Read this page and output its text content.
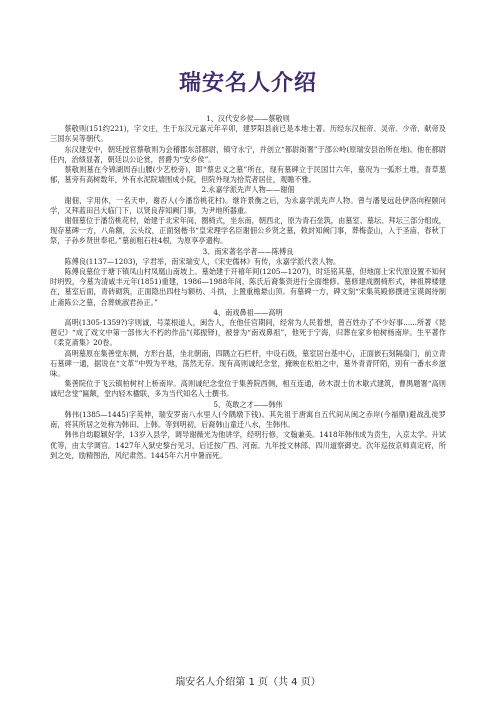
瑞安名人介绍

1、汉代安乡侯——蔡敬则

蔡敬则(151约221)，字文庄，生于东汉元嘉元年辛卯，建罗阳县前已是本地士著。历经东汉桓帝、灵帝、少帝、献帝及三国东吴等朝代。

东汉建安中，朝廷授官蔡敬则为会稽郡东部都尉，镇守永宁，并创立“都尉衙署”于邵公岭(原瑞安县治所在地)。他在都尉任内，治绩显著，朝廷以公论赏，晋爵为“安乡侯”。

蔡敬则墓在今锦湖周吞山腰(少艺校旁)，即“蔡忠义之墓”所在，现有墓碑立于民国廿六年，墓况为一弧形土堆，青草葱郁，墓旁有高树数年，外有水泥院墙围成小院，但院外现为拾荒者居住，观瞻不雅。

2.永嘉学派先声人物——谢佃

谢佃，字用休，一名天申，谢否人(今潘岱桃花村)。继许景衡之后，为永嘉学派先声人物。曾与潘旻远赴伊洛向程颐问学，又拜蓝田吕大临门下，以贤良荐知阙门事，为尹地所器重。

谢佃墓位于潘岱桃花村，始建于北宋年间，圈椅式，坐东南，朝西北，原为青石垒筑，由墓室、墓坛、拜坛三部分组成，现存墓碑一方，八角额，云头纹，正面刻楷书“皇宋理学名臣谢佃公乡贤之墓，敕封知阙门事，葬梅壶山，入于圣庙，春秋丁祭，子孙乡贤世奉祀。”墓前粗石柱4根，为原享亭遗构。

3、南宋著名学者——陈傅良

陈傅良(1137—1203)，字君举，南宋瑞安人，《宋史儒林》有传，永嘉学派代表人物。

陈傅良墓位于塘下镇凤山村凤凰山南坡上。墓始建于开禧年间(1205—1207)，时廷铭其墓，但地面上宋代原设置不知何时坍毁，今墓为清咸丰元年(1851)重建，1986—1988年间，陈氏后裔集资进行全面维修。墓修建成圈椅形式，神祖牌楼建在，墓室后面，青砖砌筑，正面隐出四柱与额枋、斗拱，上置重檐悬山顶。有墓碑一方，碑文刻“宋集英殿修撰进宝谟阁待制止斋陈公之墓，合葬姚淑君孙正。”

4、南戏鼻祖——高明

高明(1305-1359?)字则诚，号菜根道人，闽告人，在他任官期间，经常为人民着想，曾百姓办了不少好事......所著《琵琶记》“成了戏文中第一部伟大不朽的作品”(郑振铎)，被誉为“南戏鼻祖”，他死于宁海，归葬在家乡柏树杨南岸。生平著作《柔克斋集》20卷。

高明墓原在集善堂东侧，方形台基，坐北朝南，四隅立石栏杆，中设石级，墓室居台基中心，正面嵌石刻隔扇门，前立青石墓碑一通，据说在“文革”中毁为平地，荡然无存。现有高则诚纪念堂，掩映在松柏之中，墓外青青阡陌，别有一番水乡滋味。

集善院位于飞云镇柏树村上桥南岸。高则诚纪念堂位于集善院西侧，相互连通，砖木混土仿木歇式建筑，曹禺题署“高则诚纪念堂”匾额，堂内轻木楹联，多为当代知名人士撰书。

5、英敢之才——韩伟

韩伟(1385—1445)字英伸，瑞安罗南八水里人(今隅墩下钱)。其先祖于唐寓自五代间从闽之赤岸(今福鼎)避战乱徙罗南，将其所居之处称为韩田、上韩。等到明初，后裔韩山童迁八水，生韩伟。

韩伟自幼聪颖好学，13岁入县学，调导谢薇光为他讲学，经明行修，文翰兼美。1418年韩伟成为贡生，入京太学。升试优等，由太学调官。1427年入狱史黎台见习，后迁按广西、河南。九年授文林郎、四川道察御史。次年巡按京师真定府，所到之处，励精图治，风纪肃然。1445年六月中暑而死。

瑞安名人介绍第 1 页（共 4 页）
